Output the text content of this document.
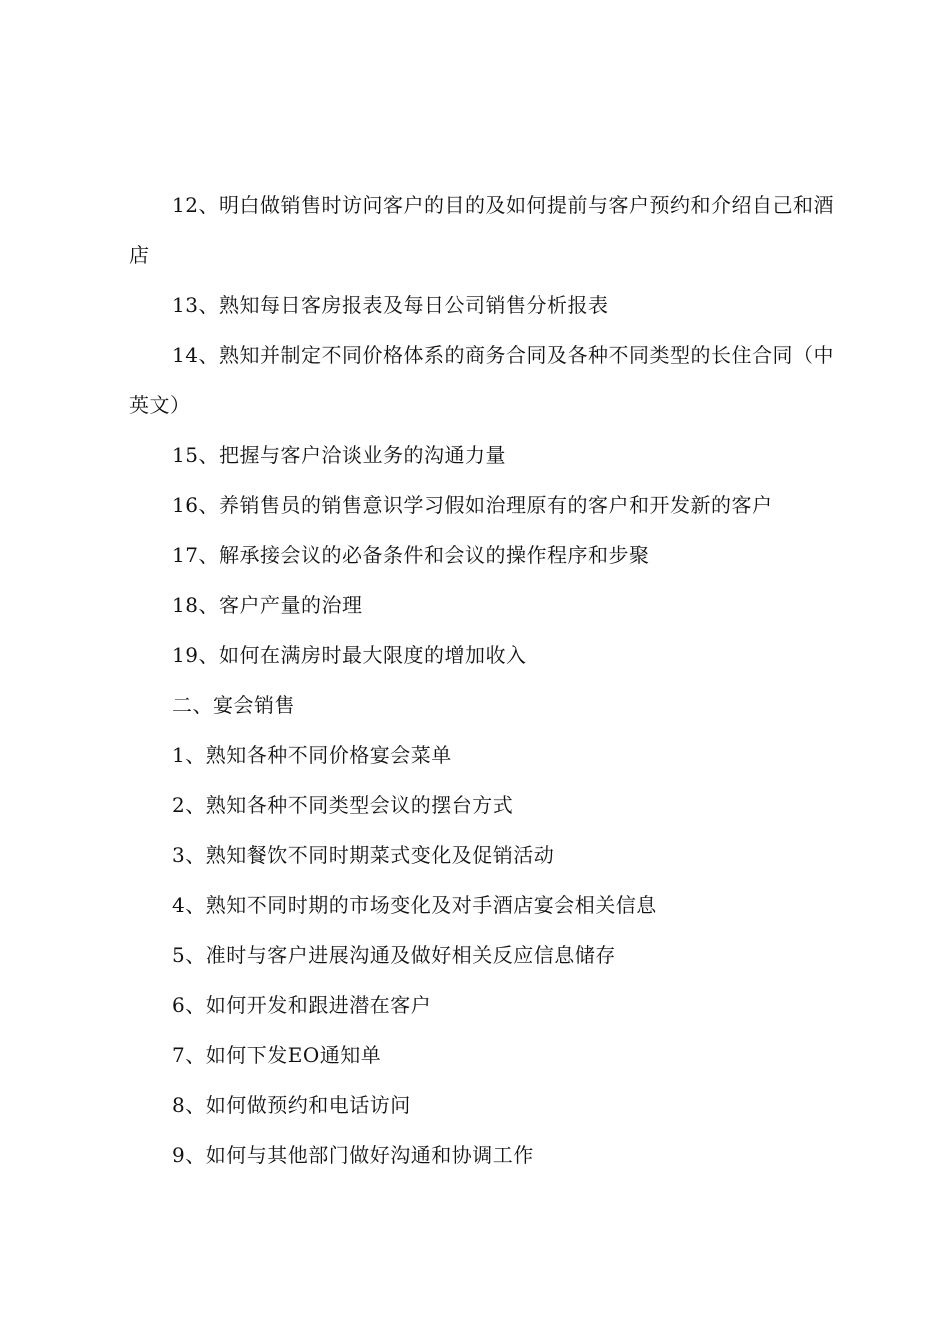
12、明白做销售时访问客户的目的及如何提前与客户预约和介绍自己和酒店

13、熟知每日客房报表及每日公司销售分析报表

14、熟知并制定不同价格体系的商务合同及各种不同类型的长住合同（中英文）

15、把握与客户洽谈业务的沟通力量

16、养销售员的销售意识学习假如治理原有的客户和开发新的客户

17、解承接会议的必备条件和会议的操作程序和步聚

18、客户产量的治理

19、如何在满房时最大限度的增加收入

二、宴会销售

1、熟知各种不同价格宴会菜单

2、熟知各种不同类型会议的摆台方式

3、熟知餐饮不同时期菜式变化及促销活动

4、熟知不同时期的市场变化及对手酒店宴会相关信息

5、准时与客户进展沟通及做好相关反应信息储存

6、如何开发和跟进潜在客户

7、如何下发EO通知单

8、如何做预约和电话访问

9、如何与其他部门做好沟通和协调工作
